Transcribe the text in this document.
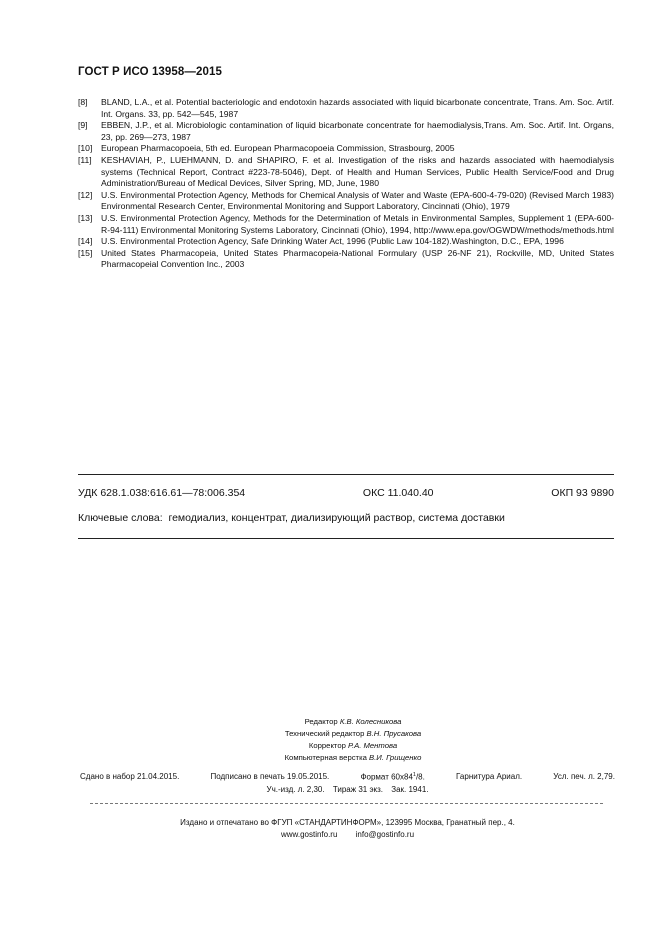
ГОСТ Р ИСО 13958—2015
[8]	BLAND, L.A., et al. Potential bacteriologic and endotoxin hazards associated with liquid bicarbonate concentrate, Trans. Am. Soc. Artif. Int. Organs. 33, pp. 542—545, 1987
[9]	EBBEN, J.P., et al. Microbiologic contamination of liquid bicarbonate concentrate for haemodialysis,Trans. Am. Soc. Artif. Int. Organs, 23, pp. 269—273, 1987
[10]	European Pharmacopoeia, 5th ed. European Pharmacopoeia Commission, Strasbourg, 2005
[11]	KESHAVIAH, P., LUEHMANN, D. and SHAPIRO, F. et al. Investigation of the risks and hazards associated with haemodialysis systems (Technical Report, Contract #223-78-5046), Dept. of Health and Human Services, Public Health Service/Food and Drug Administration/Bureau of Medical Devices, Silver Spring, MD, June, 1980
[12]	U.S. Environmental Protection Agency, Methods for Chemical Analysis of Water and Waste (EPA-600-4-79-020) (Revised March 1983) Environmental Research Center, Environmental Monitoring and Support Laboratory, Cincinnati (Ohio), 1979
[13]	U.S. Environmental Protection Agency, Methods for the Determination of Metals in Environmental Samples, Supplement 1 (EPA-600-R-94-111) Environmental Monitoring Systems Laboratory, Cincinnati (Ohio), 1994, http://www.epa.gov/OGWDW/methods/methods.html
[14]	U.S. Environmental Protection Agency, Safe Drinking Water Act, 1996 (Public Law 104-182).Washington, D.C., EPA, 1996
[15]	United States Pharmacopeia, United States Pharmacopeia-National Formulary (USP 26-NF 21), Rockville, MD, United States Pharmacopeial Convention Inc., 2003
УДК 628.1.038:616.61—78:006.354	ОКС 11.040.40	ОКП 93 9890
Ключевые слова: гемодиализ, концентрат, диализирующий раствор, система доставки
Редактор К.В. Колесникова
Технический редактор В.Н. Прусакова
Корректор Р.А. Ментова
Компьютерная верстка В.И. Грищенко
Сдано в набор 21.04.2015.	Подписано в печать 19.05.2015.	Формат $60х84^1/8$.	Гарнитура Ариал.	Усл. печ. л. 2,79.
Уч.-изд. л. 2,30. Тираж 31 экз. Зак. 1941.
Издано и отпечатано во ФГУП «СТАНДАРТИНФОРМ», 123995 Москва, Гранатный пер., 4.
www.gostinfo.ru info@gostinfo.ru
